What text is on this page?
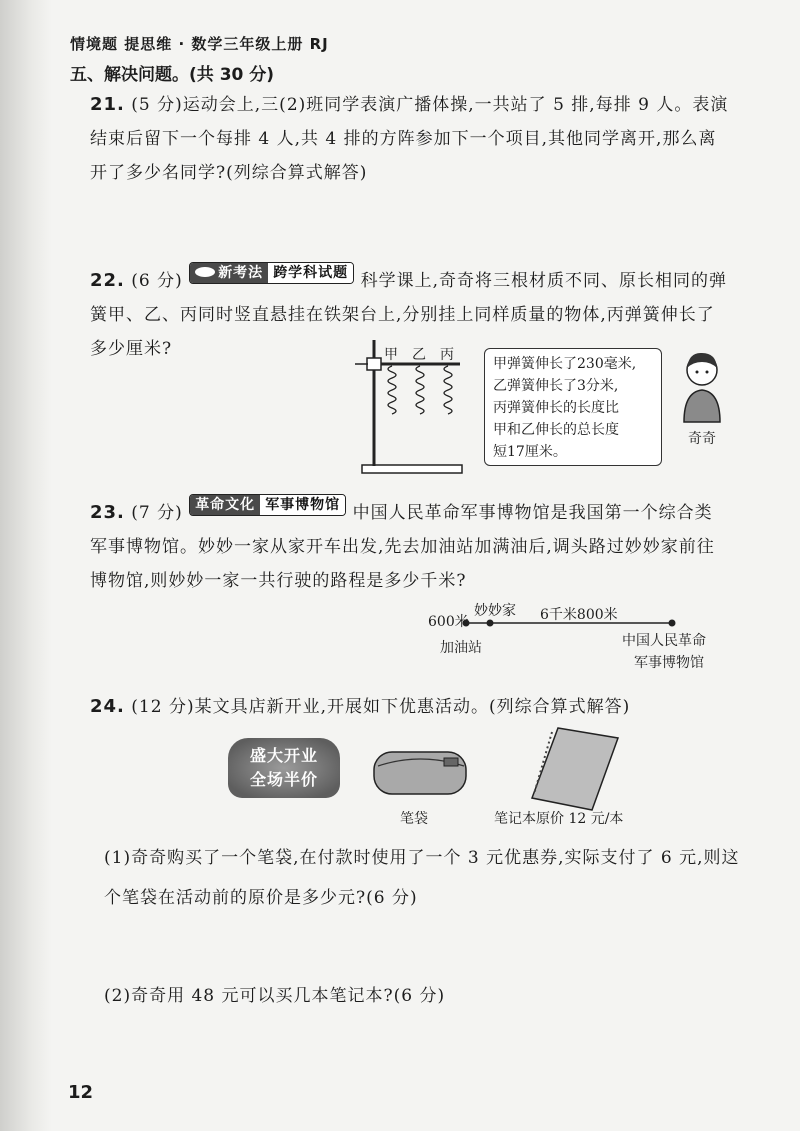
情境题 提思维 · 数学三年级上册 RJ
五、解决问题。(共 30 分)
21. (5 分)运动会上,三(2)班同学表演广播体操,一共站了 5 排,每排 9 人。表演结束后留下一个每排 4 人,共 4 排的方阵参加下一个项目,其他同学离开,那么离开了多少名同学?(列综合算式解答)
22. (6 分)	新考法 跨学科试题 科学课上,奇奇将三根材质不同、原长相同的弹簧甲、乙、丙同时竖直悬挂在铁架台上,分别挂上同样质量的物体,丙弹簧伸长了多少厘米?	甲 乙 丙
甲弹簧伸长了230毫米,
乙弹簧伸长了3分米,
丙弹簧伸长的长度比
甲和乙伸长的总长度
短17厘米。
奇奇
23. (7 分) 革命文化 军事博物馆 中国人民革命军事博物馆是我国第一个综合类军事博物馆。妙妙一家从家开车出发,先去加油站加满油后,调头路过妙妙家前往博物馆,则妙妙一家一共行驶的路程是多少千米?
600米
妙妙家 6千米800米
加油站	中国人民革命
军事博物馆
24. (12 分)某文具店新开业,开展如下优惠活动。(列综合算式解答)
盛大开业
全场半价
笔袋	笔记本原价 12 元/本
(1)奇奇购买了一个笔袋,在付款时使用了一个 3 元优惠券,实际支付了 6 元,则这个笔袋在活动前的原价是多少元?(6 分)
(2)奇奇用 48 元可以买几本笔记本?(6 分)
12
